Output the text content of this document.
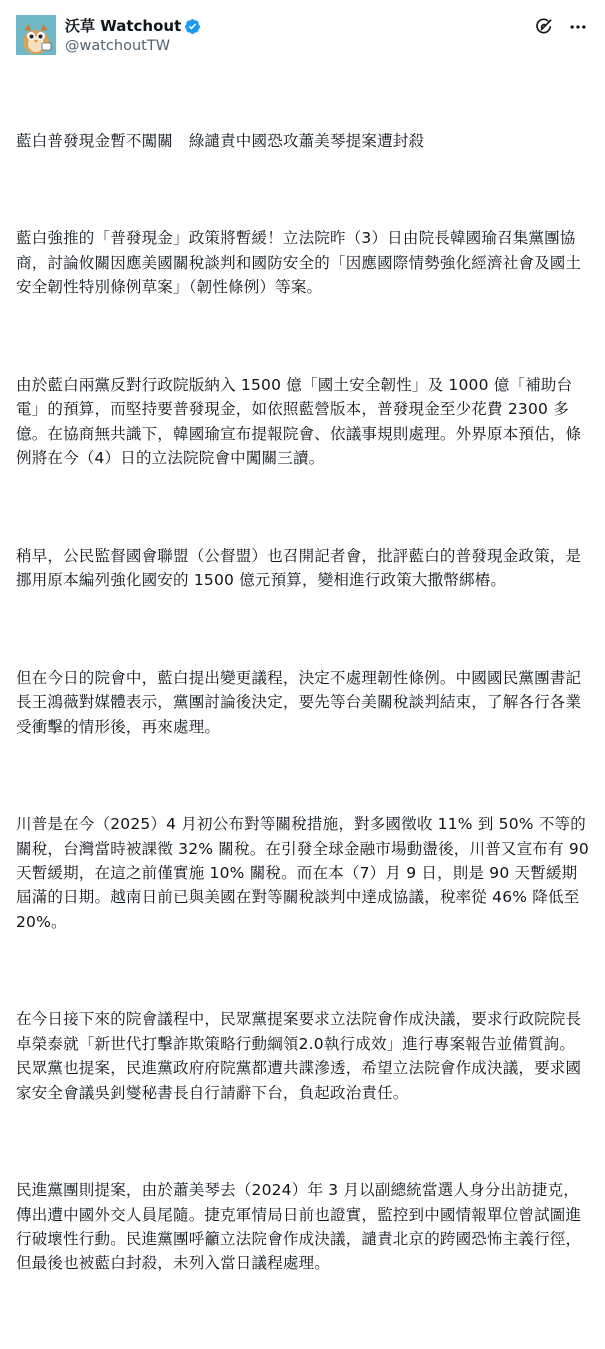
沃草 Watchout
@watchoutTW

藍白普發現金暫不闖關　綠譴責中國恐攻蕭美琴提案遭封殺

藍白強推的「普發現金」政策將暫緩！立法院昨（3）日由院長韓國瑜召集黨團協商，討論攸關因應美國關稅談判和國防安全的「因應國際情勢強化經濟社會及國土安全韌性特別條例草案」（韌性條例）等案。

由於藍白兩黨反對行政院版納入 1500 億「國土安全韌性」及 1000 億「補助台電」的預算，而堅持要普發現金，如依照藍營版本，普發現金至少花費 2300 多億。在協商無共識下，韓國瑜宣布提報院會、依議事規則處理。外界原本預估，條例將在今（4）日的立法院院會中闖關三讀。

稍早，公民監督國會聯盟（公督盟）也召開記者會，批評藍白的普發現金政策，是挪用原本編列強化國安的 1500 億元預算，變相進行政策大撒幣綁樁。

但在今日的院會中，藍白提出變更議程，決定不處理韌性條例。中國國民黨團書記長王鴻薇對媒體表示，黨團討論後決定，要先等台美關稅談判結束，了解各行各業受衝擊的情形後，再來處理。

川普是在今（2025）4 月初公布對等關稅措施，對多國徵收 11% 到 50% 不等的關稅，台灣當時被課徵 32% 關稅。在引發全球金融市場動盪後，川普又宣布有 90 天暫緩期，在這之前僅實施 10% 關稅。而在本（7）月 9 日，則是 90 天暫緩期屆滿的日期。越南日前已與美國在對等關稅談判中達成協議，稅率從 46% 降低至 20%。

在今日接下來的院會議程中，民眾黨提案要求立法院會作成決議，要求行政院院長卓榮泰就「新世代打擊詐欺策略行動綱領2.0執行成效」進行專案報告並備質詢。民眾黨也提案，民進黨政府府院黨都遭共諜滲透，希望立法院會作成決議，要求國家安全會議吳釗燮秘書長自行請辭下台，負起政治責任。

民進黨團則提案，由於蕭美琴去（2024）年 3 月以副總統當選人身分出訪捷克，傳出遭中國外交人員尾隨。捷克軍情局日前也證實，監控到中國情報單位曾試圖進行破壞性行動。民進黨團呼籲立法院會作成決議，譴責北京的跨國恐怖主義行徑，但最後也被藍白封殺，未列入當日議程處理。
